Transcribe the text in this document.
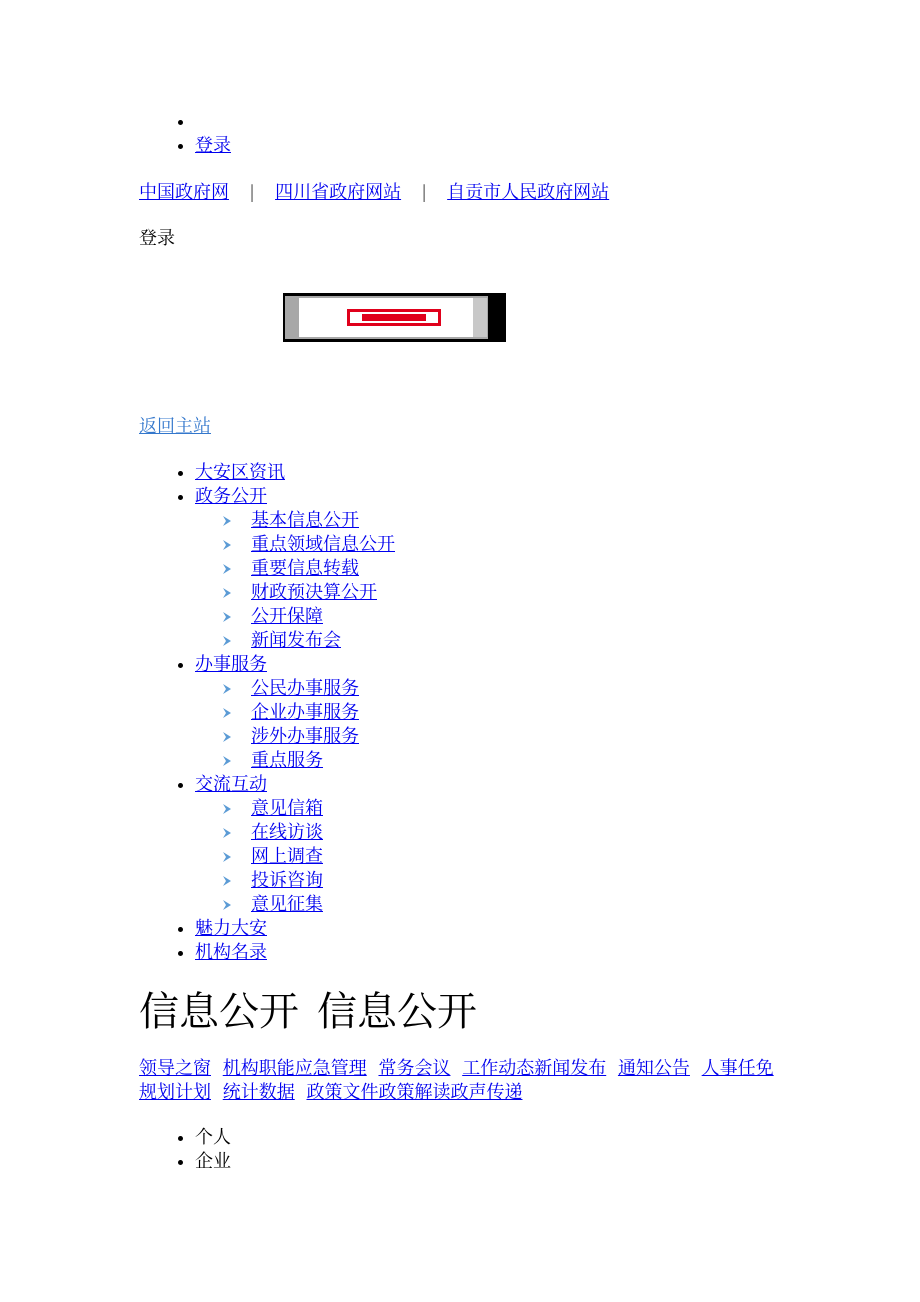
•
• 登录
中国政府网 | 四川省政府网站 | 自贡市人民政府网站
登录
返回主站
• 大安区资讯
• 政务公开
基本信息公开
重点领域信息公开
重要信息转载
财政预决算公开
公开保障
新闻发布会
• 办事服务
公民办事服务
企业办事服务
涉外办事服务
重点服务
• 交流互动
意见信箱
在线访谈
网上调查
投诉咨询
意见征集
• 魅力大安
• 机构名录
信息公开 信息公开
领导之窗 机构职能应急管理 常务会议 工作动态新闻发布 通知公告 人事任免 规划计划 统计数据 政策文件政策解读政声传递
• 个人
• 企业
